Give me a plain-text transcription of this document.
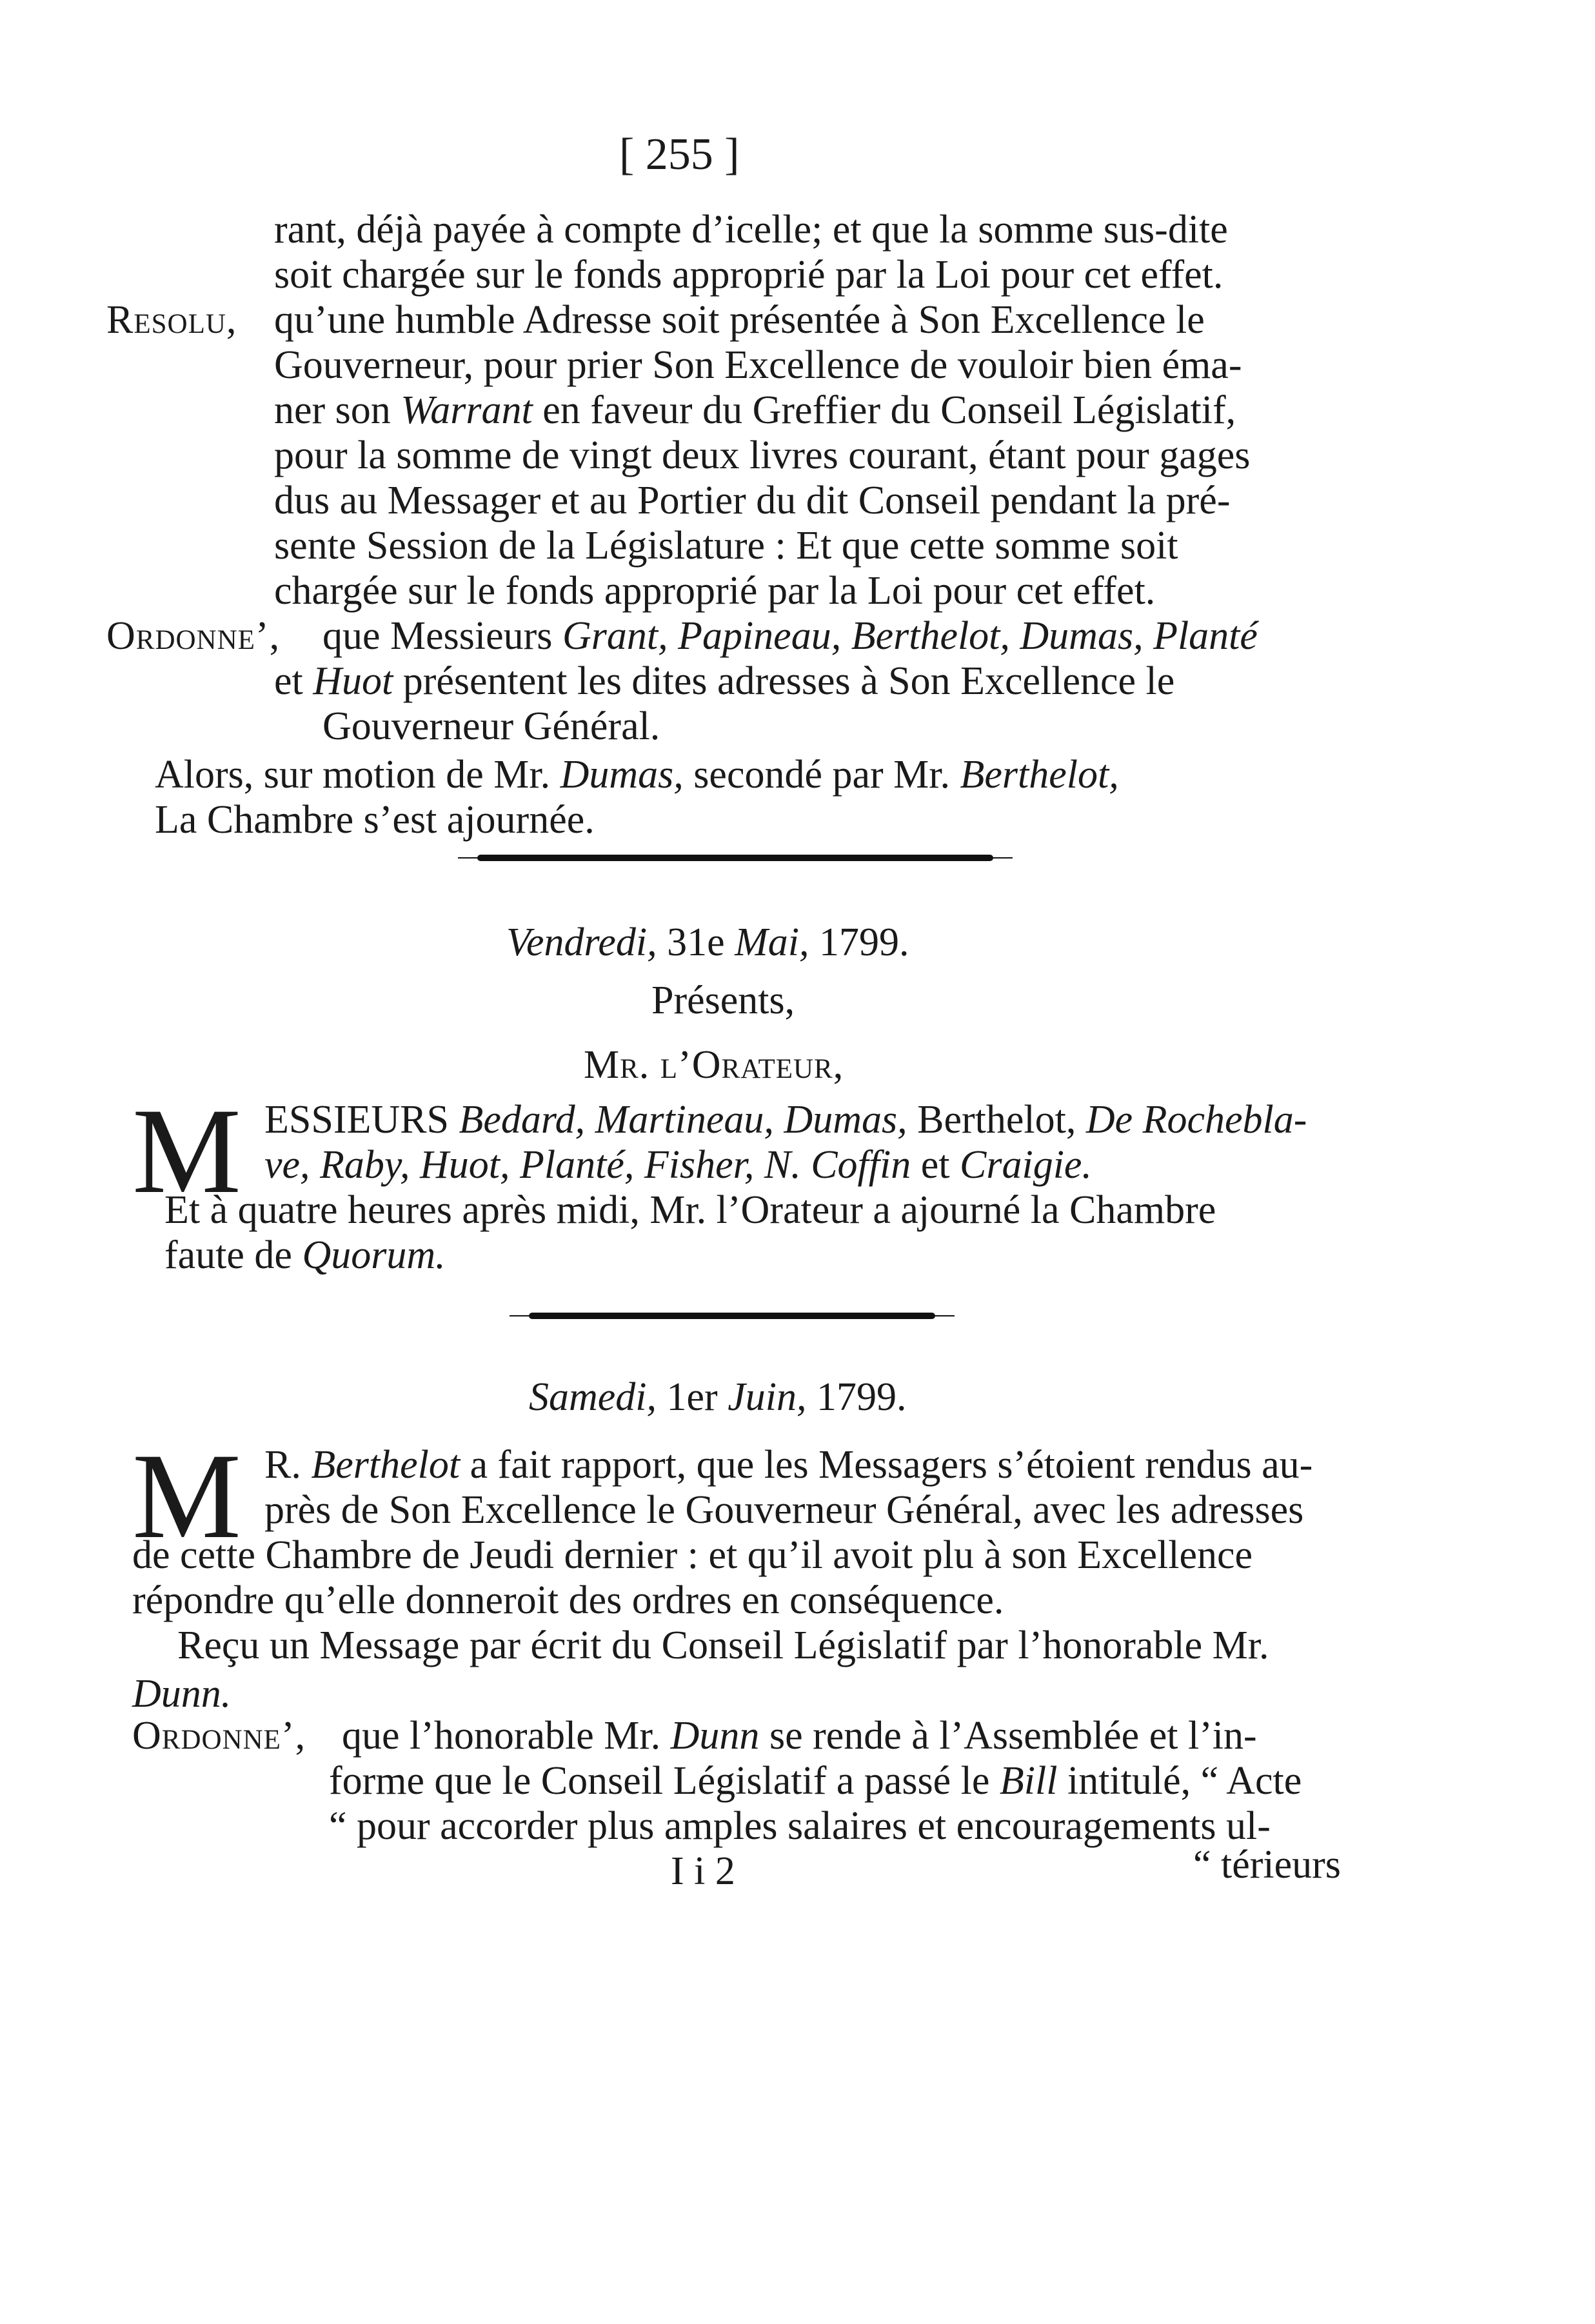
[ 255 ]
rant, déjà payée à compte d’icelle; et que la somme sus-dite
soit chargée sur le fonds approprié par la Loi pour cet effet.
Resolu, qu’une humble Adresse soit présentée à Son Excellence le
Gouverneur, pour prier Son Excellence de vouloir bien éma-
ner son Warrant en faveur du Greffier du Conseil Législatif,
pour la somme de vingt deux livres courant, étant pour gages
dus au Messager et au Portier du dit Conseil pendant la pré-
sente Session de la Législature : Et que cette somme soit
chargée sur le fonds approprié par la Loi pour cet effet.
Ordonne’, que Messieurs Grant, Papineau, Berthelot, Dumas, Planté
et Huot présentent les dites adresses à Son Excellence le
Gouverneur Général.
Alors, sur motion de Mr. Dumas, secondé par Mr. Berthelot,
La Chambre s’est ajournée.
Vendredi, 31e Mai, 1799.
Présents,
Mr. l’Orateur,
M ESSIEURS Bedard, Martineau, Dumas, Berthelot, De Rochebla-
ve, Raby, Huot, Planté, Fisher, N. Coffin et Craigie.
Et à quatre heures après midi, Mr. l’Orateur a ajourné la Chambre
faute de Quorum.
Samedi, 1er Juin, 1799.
M R. Berthelot a fait rapport, que les Messagers s’étoient rendus au-
près de Son Excellence le Gouverneur Général, avec les adresses
de cette Chambre de Jeudi dernier : et qu’il avoit plu à son Excellence
répondre qu’elle donneroit des ordres en conséquence.
Reçu un Message par écrit du Conseil Législatif par l’honorable Mr.
Dunn.
Ordonne’, que l’honorable Mr. Dunn se rende à l’Assemblée et l’in-
forme que le Conseil Législatif a passé le Bill intitulé, “ Acte
“ pour accorder plus amples salaires et encouragements ul-
I i 2	“ térieurs
